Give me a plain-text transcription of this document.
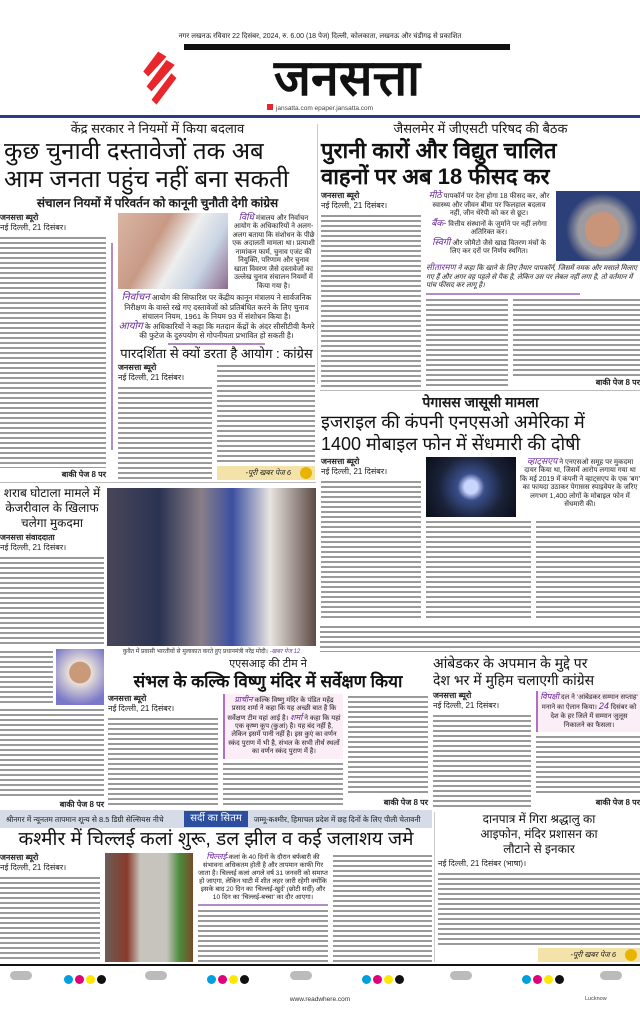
नगर लखनऊ रविवार 22 दिसंबर, 2024, रु. 6.00 (18 पेज) दिल्ली, कोलकाता, लखनऊ और चंडीगढ़ से प्रकाशित
जनसत्ता
jansatta.com epaper.jansatta.com
केंद्र सरकार ने नियमों में किया बदलाव
कुछ चुनावी दस्तावेजों तक अब
आम जनता पहुंच नहीं बना सकती
संचालन नियमों में परिवर्तन को कानूनी चुनौती देगी कांग्रेस
जनसत्ता ब्यूरो
नई दिल्ली, 21 दिसंबर।
बाकी पेज 8 पर
विधि मंत्रालय और निर्वाचन आयोग के अधिकारियों ने अलग-अलग बताया कि संशोधन के पीछे एक अदालती मामला था। प्रत्याशी नामांकन फार्म, चुनाव एजंट की नियुक्ति, परिणाम और चुनाव खाता विवरण जैसे दस्तावेजों का उल्लेख चुनाव संचालन नियमों में किया गया है।
निर्वाचन आयोग की सिफारिश पर केंद्रीय कानून मंत्रालय ने सार्वजनिक निरीक्षण के वास्ते रखे गए दस्तावेजों को प्रतिबंधित करने के लिए चुनाव संचालन नियम, 1961 के नियम 93 में संशोधन किया है।
आयोग के अधिकारियों ने कहा कि मतदान केंद्रों के अंदर सीसीटीवी कैमरे की फुटेज के दुरुपयोग से गोपनीयता प्रभावित हो सकती है।
पारदर्शिता से क्यों डरता है आयोग : कांग्रेस
जनसत्ता ब्यूरो
नई दिल्ली, 21 दिसंबर।
-पूरी खबर पेज 6
जैसलमेर में जीएसटी परिषद की बैठक
पुरानी कारों और विद्युत चालित
वाहनों पर अब 18 फीसद कर
जनसत्ता ब्यूरो
नई दिल्ली, 21 दिसंबर।
मीठे पापकॉर्न पर देना होगा 18 फीसद कर, और स्वास्थ्य और जीवन बीमा पर फिलहाल बदलाव नहीं, जीन थेरेपी को कर से छूट।
बैंक- वित्तीय संस्थानों के जुर्माने पर नहीं लगेगा अतिरिक्त कर।
स्विगी और जोमैटो जैसे खाद्य वितरण मंचों के लिए कर दरों पर निर्णय स्थगित।
सीतारमण ने कहा कि खाने के लिए तैयार पापकॉर्न, जिसमें नमक और मसाले मिलाए गए हैं और अगर वह पहले से पैक है, लेकिन उस पर लेबल नहीं लगा है, तो वर्तमान में पांच फीसद कर लागू है।
बाकी पेज 8 पर
पेगासस जासूसी मामला
इजराइल की कंपनी एनएसओ अमेरिका में
1400 मोबाइल फोन में सेंधमारी की दोषी
जनसत्ता ब्यूरो
नई दिल्ली, 21 दिसंबर।
व्हाट्सएप ने एनएसओ समूह पर मुकदमा दायर किया था, जिसमें आरोप लगाया गया था कि मई 2019 में कंपनी ने व्हाट्सएप के एक 'बग' का फायदा उठाकर पेगासस स्पाइवेयर के जरिए लगभग 1,400 लोगों के मोबाइल फोन में सेंधमारी की।
शराब घोटाला मामले में
केजरीवाल के खिलाफ
चलेगा मुकदमा
जनसत्ता संवाददाता
नई दिल्ली, 21 दिसंबर।
बाकी पेज 8 पर
कुवैत में प्रवासी भारतीयों से मुलाकात करते हुए प्रधानमंत्री नरेंद्र मोदी। -खबर पेज 12
एएसआइ की टीम ने
संभल के कल्कि विष्णु मंदिर में सर्वेक्षण किया
जनसत्ता ब्यूरो
नई दिल्ली, 21 दिसंबर।
प्राचीन कल्कि विष्णु मंदिर के पंडित महेंद्र प्रसाद शर्मा ने कहा कि यह अच्छी बात है कि सर्वेक्षण टीम यहां आई है। शर्मा ने कहा कि यहां एक कृष्ण कूप (कुआं) है। यह बंद नहीं है, लेकिन इसमें पानी नहीं है। इस कुएं का वर्णन स्कंद पुराण में भी है, संभल के सभी तीर्थ स्थलों का वर्णन स्कंद पुराण में है।
बाकी पेज 8 पर
आंबेडकर के अपमान के मुद्दे पर
देश भर में मुहिम चलाएगी कांग्रेस
जनसत्ता ब्यूरो
नई दिल्ली, 21 दिसंबर।
विपक्षी दल ने 'आंबेडकर सम्मान सप्ताह' मनाने का ऐलान किया। 24 दिसंबर को देश के हर जिले में सम्मान जुलूस निकालने का फैसला।
बाकी पेज 8 पर
श्रीनगर में न्यूनतम तापमान शून्य से 8.5 डिग्री सेल्सियस नीचे	सर्दी का सितम	जम्मू-कश्मीर, हिमाचल प्रदेश में छह दिनों के लिए पीली चेतावनी
कश्मीर में चिल्लई कलां शुरू, डल झील व कई जलाशय जमे
जनसत्ता ब्यूरो
नई दिल्ली, 21 दिसंबर।
चिल्लई-कलां के 40 दिनों के दौरान बर्फबारी की संभावना अधिकतम होती है और तापमान काफी गिर जाता है। चिल्लई कलां अगले वर्ष 31 जनवरी को समाप्त हो जाएगा, लेकिन घाटी में शीत लहर जारी रहेगी क्योंकि इसके बाद 20 दिन का 'चिल्लई-खुर्द' (छोटी सर्दी) और 10 दिन का 'चिल्लई-बच्चा' का दौर आएगा।
दानपात्र में गिरा श्रद्धालु का
आइफोन, मंदिर प्रशासन का
लौटाने से इनकार
नई दिल्ली, 21 दिसंबर (भाषा)।
-पूरी खबर पेज 6
www.readwhere.com	Lucknow
